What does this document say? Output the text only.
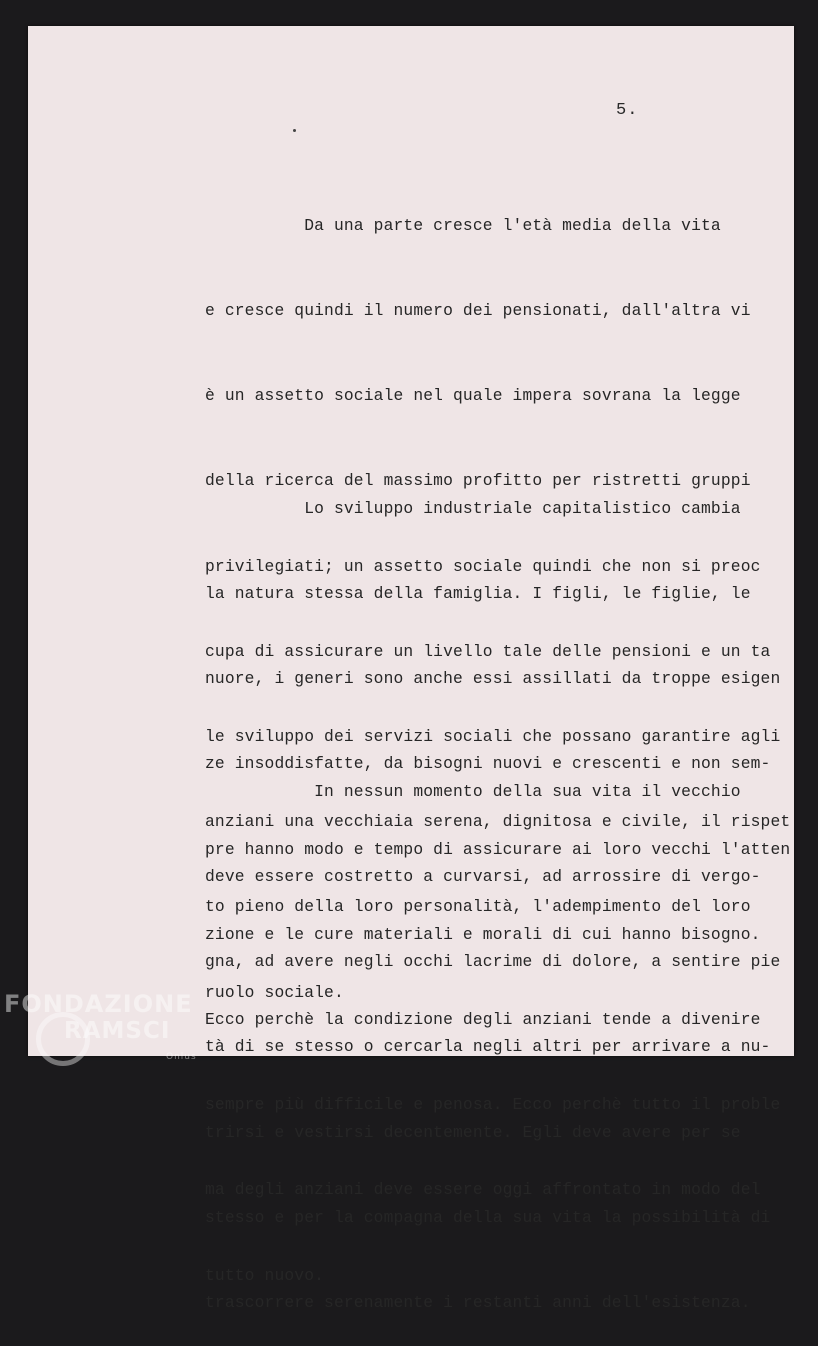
5.

Da una parte cresce l'età media della vita

e cresce quindi il numero dei pensionati, dall'altra vi

è un assetto sociale nel quale impera sovrana la legge

della ricerca del massimo profitto per ristretti gruppi

privilegiati; un assetto sociale quindi che non si preoc

cupa di assicurare un livello tale delle pensioni e un ta

le sviluppo dei servizi sociali che possano garantire agli

anziani una vecchiaia serena, dignitosa e civile, il rispet

to pieno della loro personalità, l'adempimento del loro

ruolo sociale.

Lo sviluppo industriale capitalistico cambia

la natura stessa della famiglia. I figli, le figlie, le

nuore, i generi sono anche essi assillati da troppe esigen

ze insoddisfatte, da bisogni nuovi e crescenti e non sem-

pre hanno modo e tempo di assicurare ai loro vecchi l'atten

zione e le cure materiali e morali di cui hanno bisogno.

Ecco perchè la condizione degli anziani tende a divenire

sempre più difficile e penosa. Ecco perchè tutto il proble

ma degli anziani deve essere oggi affrontato in modo del

tutto nuovo.

In nessun momento della sua vita il vecchio

deve essere costretto a curvarsi, ad arrossire di vergo-

gna, ad avere negli occhi lacrime di dolore, a sentire pie

tà di se stesso o cercarla negli altri per arrivare a nu-

trirsi e vestirsi decentemente. Egli deve avere per se

stesso e per la compagna della sua vita la possibilità di

trascorrere serenamente i restanti anni dell'esistenza.

FONDAZIONE
RAMSCI
Onlus
